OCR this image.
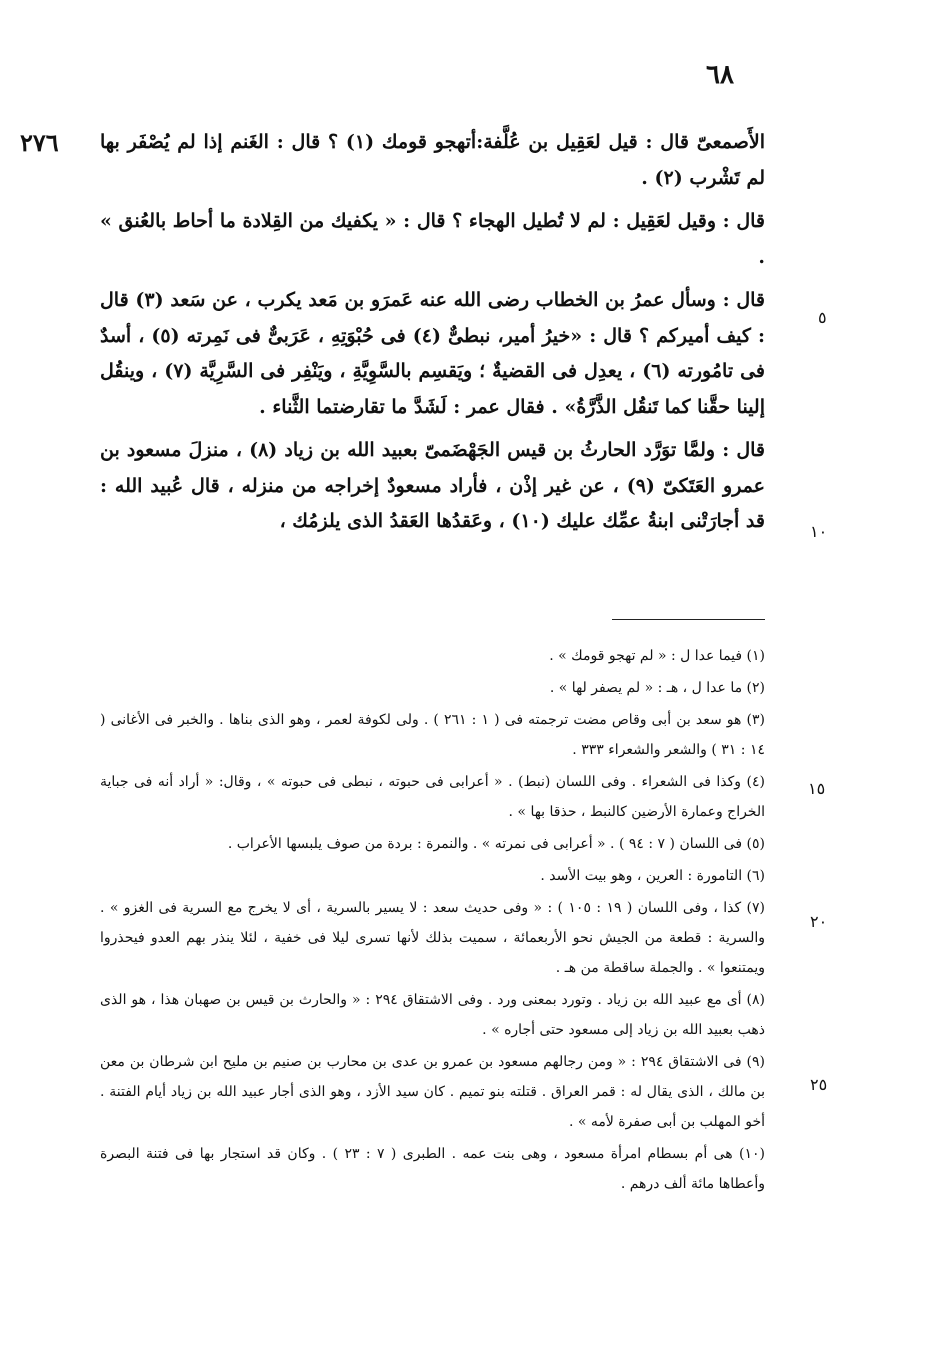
٦٨
٢٧٦
٥
١٠
١٥
٢٠
٢٥

الأَصمعىّ قال : قيل لعَقِيل بن عُلَّفة:أتهجو قومك (١) ؟ قال : الغَنم إذا لم يُصْفَر بها لم تَشْرب (٢) .

قال : وقيل لعَقِيل : لم لا تُطيل الهجاء ؟ قال : « يكفيك من القِلادة ما أحاط بالعُنق » .

قال : وسأل عمرُ بن الخطاب رضى الله عنه عَمرَو بن مَعد يكرب ، عن سَعد (٣) قال : كيف أميركم ؟ قال : «خيرُ أمير، نبطىٌّ (٤) فى حُبْوَتِهِ ، عَرَبىٌّ فى نَمِرته (٥) ، أسدٌ فى تامُورته (٦) ، يعدِل فى القضيةٌ ؛ ويَقسِم بالسَّوِيَّةِ ، ويَنْفِر فى السَّرِيَّة (٧) ، وينقُل إلينا حقَّنا كما تَنقُل الذَّرَّةُ» . فقال عمر : لَشَدَّ ما تقارضتما الثَّناء .

قال : ولمَّا توَرَّد الحارثُ بن قيس الجَهْضَمىّ بعبيد الله بن زياد (٨) ، منزلَ مسعود بن عمرو العَتَكىّ (٩) ، عن غير إذْن ، فأراد مسعودٌ إخراجه من منزله ، قال عُبيد الله : قد أجارَتْنى ابنةُ عمِّك عليك (١٠) ، وعَقدُها العَقدُ الذى يلزمُك ،

(١) فيما عدا ل : « لم تهجو قومك » .

(٢) ما عدا ل ، هـ : « لم يصفر لها » .

(٣) هو سعد بن أبى وقاص مضت ترجمته فى ( ١ : ٢٦١ ) . ولى لكوفة لعمر ، وهو الذى بناها . والخبر فى الأغانى ( ١٤ : ٣١ ) والشعر والشعراء ٣٣٣ .

(٤) وكذا فى الشعراء . وفى اللسان (نبط) . « أعرابى فى حبوته ، نبطى فى حبوته » ، وقال: « أراد أنه فى جباية الخراج وعمارة الأرضين كالنبط ، حذقا بها » .

(٥) فى اللسان ( ٧ : ٩٤ ) . « أعرابى فى نمرته » . والنمرة : بردة من صوف يلبسها الأعراب .

(٦) التامورة : العرين ، وهو بيت الأسد .

(٧) كذا ، وفى اللسان ( ١٩ : ١٠٥ ) : « وفى حديث سعد : لا يسير بالسرية ، أى لا يخرج مع السرية فى الغزو » . والسرية : قطعة من الجيش نحو الأربعمائة ، سميت بذلك لأنها تسرى ليلا فى خفية ، لئلا ينذر بهم العدو فيحذروا ويمتنعوا » . والجملة ساقطة من هـ .

(٨) أى مع عبيد الله بن زياد . وتورد بمعنى ورد . وفى الاشتقاق ٢٩٤ : « والحارث بن قيس بن صهبان هذا ، هو الذى ذهب بعبيد الله بن زياد إلى مسعود حتى أجاره » .

(٩) فى الاشتقاق ٢٩٤ : « ومن رجالهم مسعود بن عمرو بن عدى بن محارب بن صنيم بن مليح ابن شرطان بن معن بن مالك ، الذى يقال له : قمر العراق . قتلته بنو تميم . كان سيد الأزد ، وهو الذى أجار عبيد الله بن زياد أيام الفتنة . أخو المهلب بن أبى صفرة لأمه » .

(١٠) هى أم بسطام امرأة مسعود ، وهى بنت عمه . الطبرى ( ٧ : ٢٣ ) . وكان قد استجار بها فى فتنة البصرة وأعطاها مائة ألف درهم .
